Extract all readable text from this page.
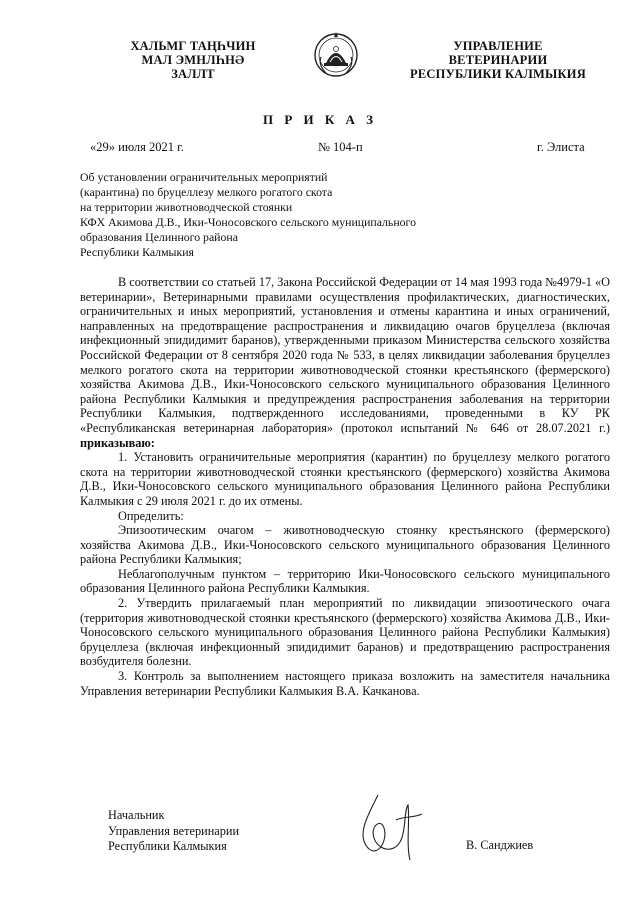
ХАЛЬМГ ТАҢҺЧИН
МАЛ ЭМНЛҺНӘ
ЗАЛЛТ
УПРАВЛЕНИЕ
ВЕТЕРИНАРИИ
РЕСПУБЛИКИ КАЛМЫКИЯ
П Р И К А З
«29» июля 2021 г.	№ 104-п	г. Элиста
Об установлении ограничительных мероприятий
(карантина) по бруцеллезу мелкого рогатого скота
на территории животноводческой стоянки
КФХ Акимова Д.В., Ики-Чоносовского сельского муниципального
образования Целинного района
Республики Калмыкия

В соответствии со статьей 17, Закона Российской Федерации от 14 мая 1993 года №4979-1 «О ветеринарии», Ветеринарными правилами осуществления профилактических, диагностических, ограничительных и иных мероприятий, установления и отмены карантина и иных ограничений, направленных на предотвращение распространения и ликвидацию очагов бруцеллеза (включая инфекционный эпидидимит баранов), утвержденными приказом Министерства сельского хозяйства Российской Федерации от 8 сентября 2020 года № 533, в целях ликвидации заболевания бруцеллез мелкого рогатого скота на территории животноводческой стоянки крестьянского (фермерского) хозяйства Акимова Д.В., Ики-Чоносовского сельского муниципального образования Целинного района Республики Калмыкия и предупреждения распространения заболевания на территории Республики Калмыкия, подтвержденного исследованиями, проведенными в КУ РК «Республиканская ветеринарная лаборатория» (протокол испытаний № 646 от 28.07.2021 г.) приказываю:

1. Установить ограничительные мероприятия (карантин) по бруцеллезу мелкого рогатого скота на территории животноводческой стоянки крестьянского (фермерского) хозяйства Акимова Д.В., Ики-Чоносовского сельского муниципального образования Целинного района Республики Калмыкия с 29 июля 2021 г. до их отмены.

Определить:

Эпизоотическим очагом – животноводческую стоянку крестьянского (фермерского) хозяйства Акимова Д.В., Ики-Чоносовского сельского муниципального образования Целинного района Республики Калмыкия;

Неблагополучным пунктом – территорию Ики-Чоносовского сельского муниципального образования Целинного района Республики Калмыкия.

2. Утвердить прилагаемый план мероприятий по ликвидации эпизоотического очага (территория животноводческой стоянки крестьянского (фермерского) хозяйства Акимова Д.В., Ики-Чоносовского сельского муниципального образования Целинного района Республики Калмыкия) бруцеллеза (включая инфекционный эпидидимит баранов) и предотвращению распространения возбудителя болезни.

3. Контроль за выполнением настоящего приказа возложить на заместителя начальника Управления ветеринарии Республики Калмыкия В.А. Качканова.

Начальник
Управления ветеринарии
Республики Калмыкия	В. Санджиев
